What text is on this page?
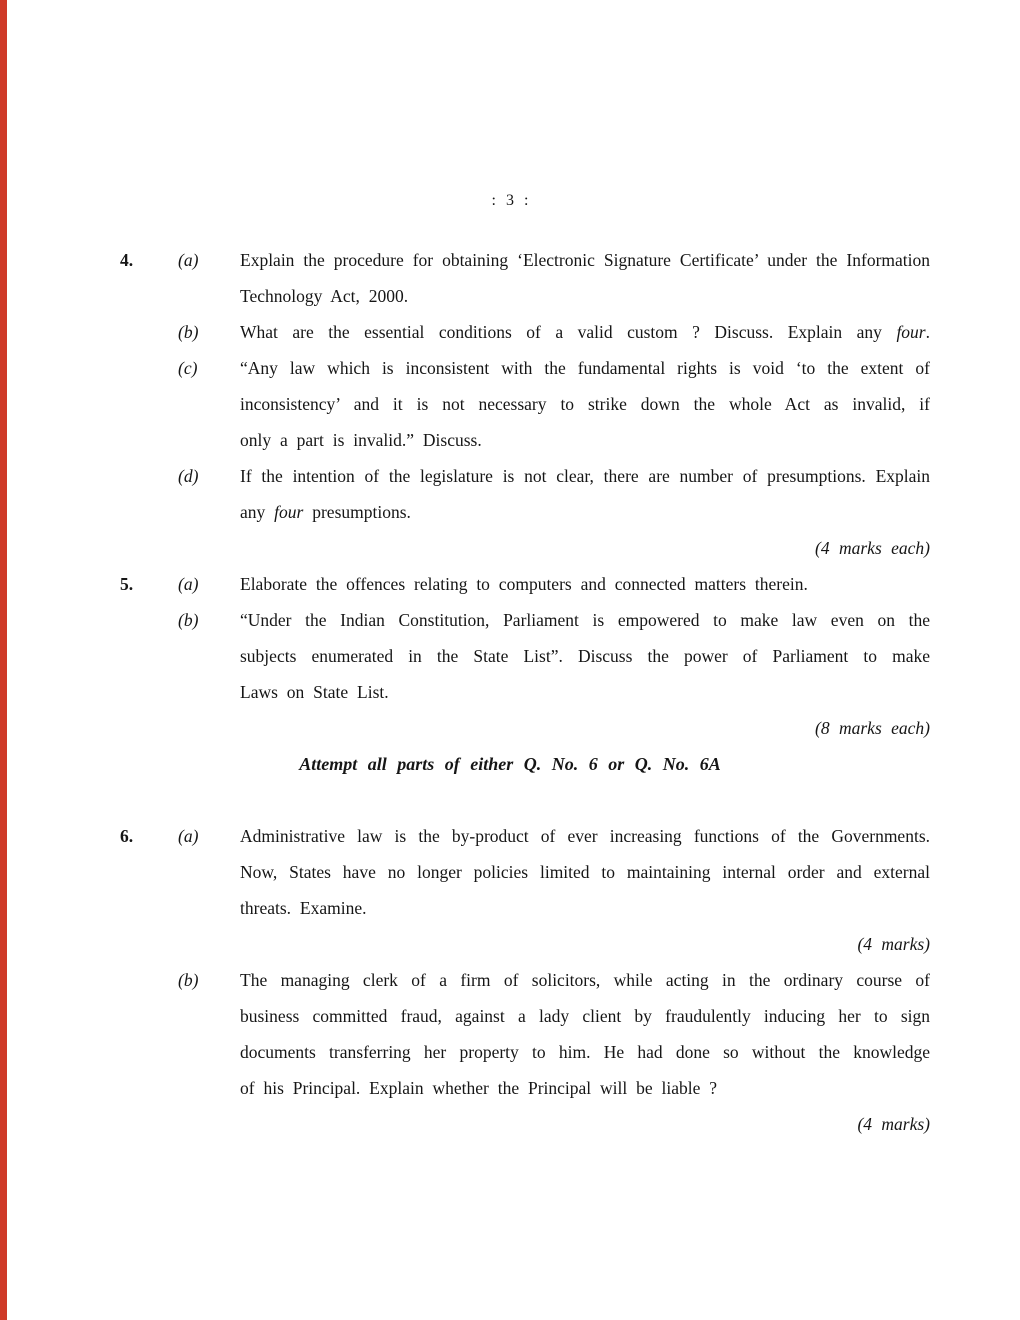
: 3 :
4.	(a)	Explain the procedure for obtaining ‘Electronic Signature Certificate’ under the Information
Technology Act, 2000.
(b)	What are the essential conditions of a valid custom ? Discuss. Explain any four.
(c)	“Any law which is inconsistent with the fundamental rights is void ‘to the extent of
inconsistency’ and it is not necessary to strike down the whole Act as invalid, if
only a part is invalid.” Discuss.
(d)	If the intention of the legislature is not clear, there are number of presumptions. Explain
any four presumptions.
(4 marks each)
5.	(a)	Elaborate the offences relating to computers and connected matters therein.
(b)	“Under the Indian Constitution, Parliament is empowered to make law even on the
subjects enumerated in the State List”. Discuss the power of Parliament to make
Laws on State List.
(8 marks each)
Attempt all parts of either Q. No. 6 or Q. No. 6A
6.	(a)	Administrative law is the by-product of ever increasing functions of the Governments.
Now, States have no longer policies limited to maintaining internal order and external
threats. Examine.
(4 marks)
(b)	The managing clerk of a firm of solicitors, while acting in the ordinary course of
business committed fraud, against a lady client by fraudulently inducing her to sign
documents transferring her property to him. He had done so without the knowledge
of his Principal. Explain whether the Principal will be liable ?
(4 marks)
